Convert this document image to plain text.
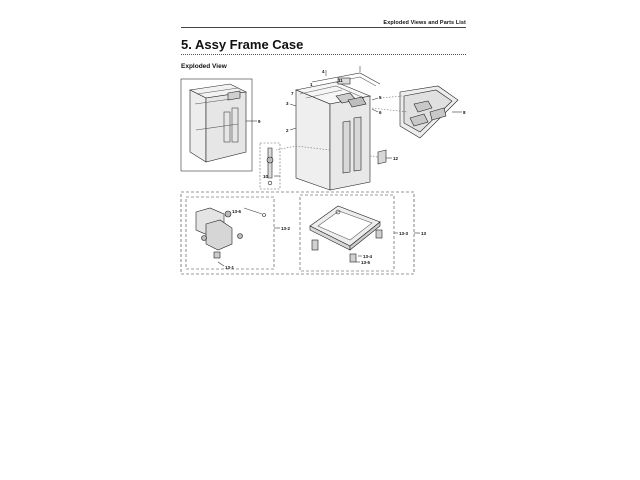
Exploded Views and Parts List
5. Assy Frame Case
Exploded View
9
3
2
7
1
4
11
5
6	8
10
12
13
13-2
13-3
13-1
13-5
13-4
13-6
